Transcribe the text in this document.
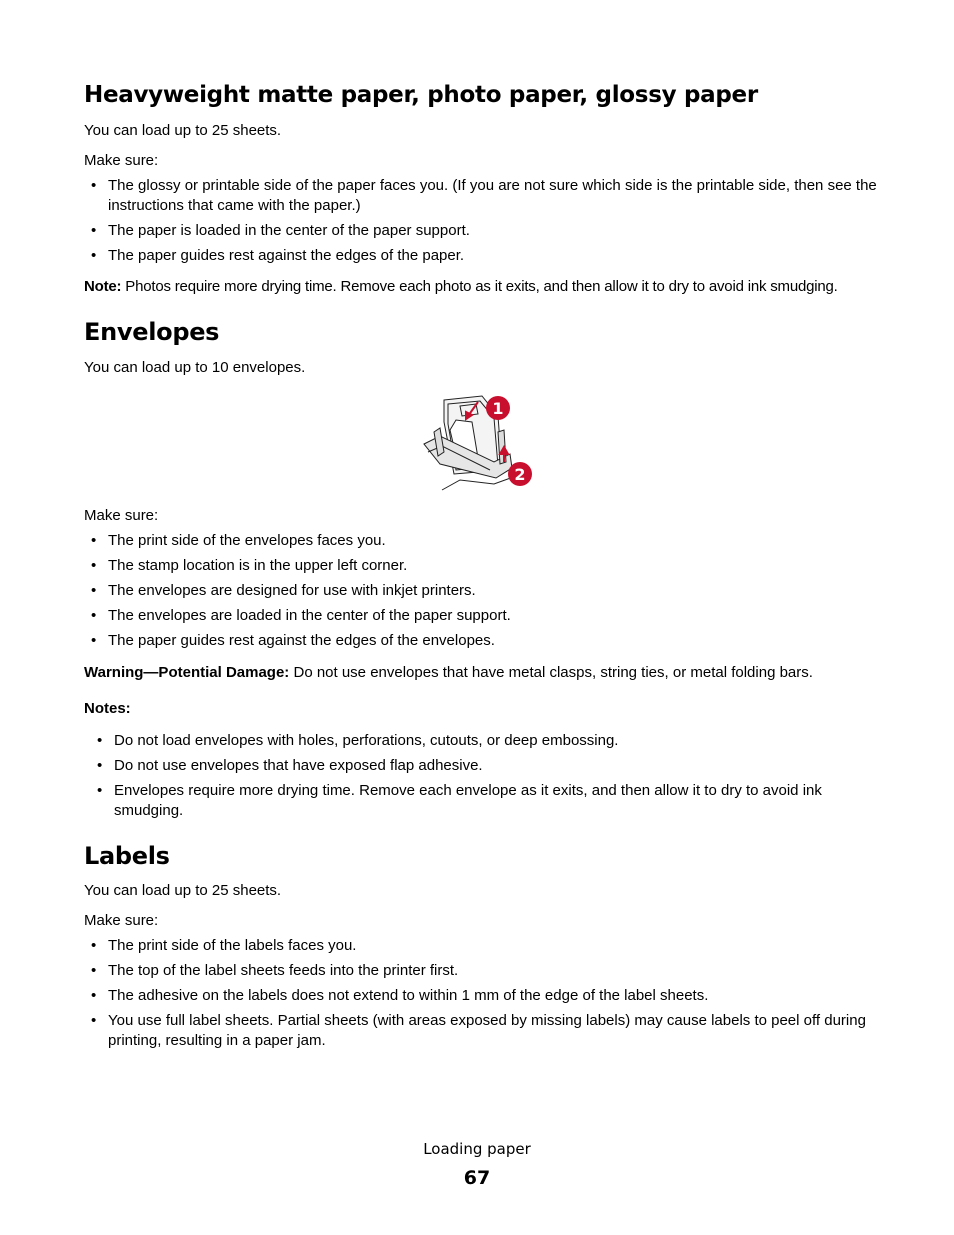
Heavyweight matte paper, photo paper, glossy paper

You can load up to 25 sheets.

Make sure:

• The glossy or printable side of the paper faces you. (If you are not sure which side is the printable side, then see the instructions that came with the paper.)
• The paper is loaded in the center of the paper support.
• The paper guides rest against the edges of the paper.

Note: Photos require more drying time. Remove each photo as it exits, and then allow it to dry to avoid ink smudging.

Envelopes

You can load up to 10 envelopes.

1
2

Make sure:

• The print side of the envelopes faces you.
• The stamp location is in the upper left corner.
• The envelopes are designed for use with inkjet printers.
• The envelopes are loaded in the center of the paper support.
• The paper guides rest against the edges of the envelopes.

Warning—Potential Damage: Do not use envelopes that have metal clasps, string ties, or metal folding bars.

Notes:

• Do not load envelopes with holes, perforations, cutouts, or deep embossing.
• Do not use envelopes that have exposed flap adhesive.
• Envelopes require more drying time. Remove each envelope as it exits, and then allow it to dry to avoid ink smudging.
Labels

You can load up to 25 sheets.

Make sure:

• The print side of the labels faces you.
• The top of the label sheets feeds into the printer first.
• The adhesive on the labels does not extend to within 1 mm of the edge of the label sheets.
• You use full label sheets. Partial sheets (with areas exposed by missing labels) may cause labels to peel off during printing, resulting in a paper jam.
Loading paper
67
